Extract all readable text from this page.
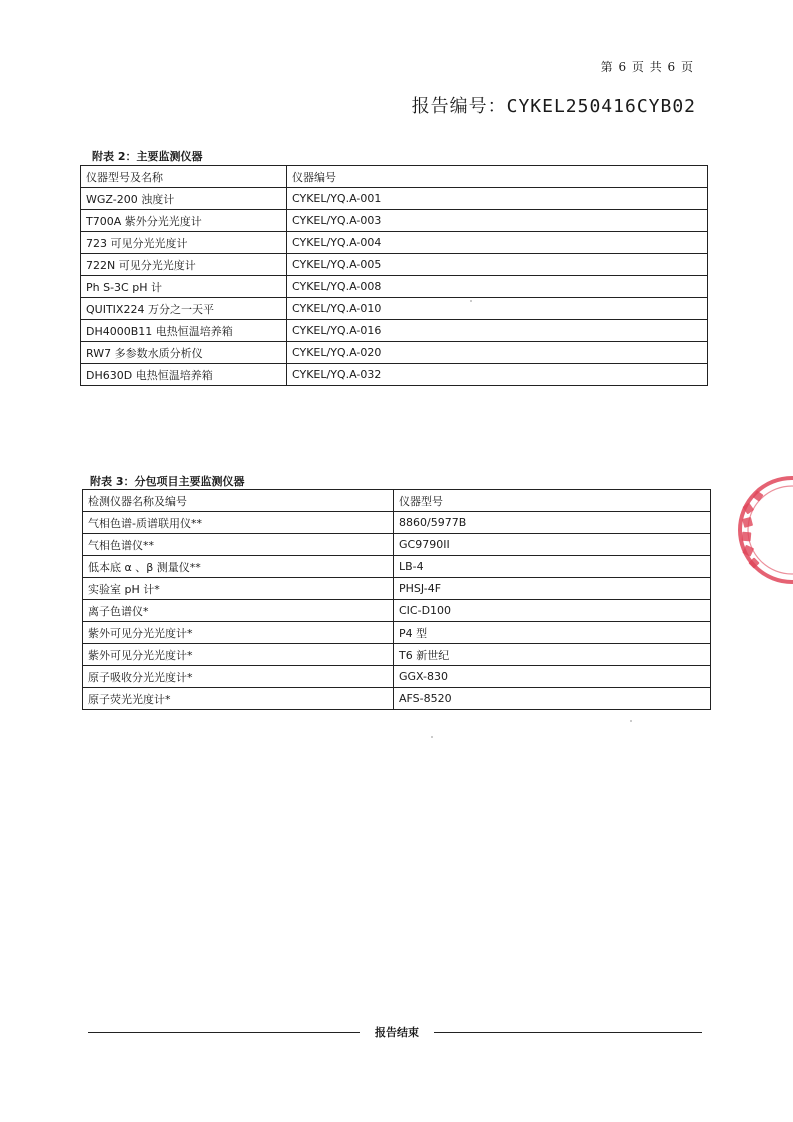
第 6 页 共 6 页
报告编号：CYKEL250416CYB02
附表 2：主要监测仪器
仪器型号及名称	仪器编号
WGZ-200 浊度计	CYKEL/YQ.A-001
T700A 紫外分光光度计	CYKEL/YQ.A-003
723 可见分光光度计	CYKEL/YQ.A-004
722N 可见分光光度计	CYKEL/YQ.A-005
Ph S-3C pH 计	CYKEL/YQ.A-008
QUITIX224 万分之一天平	CYKEL/YQ.A-010
DH4000B11 电热恒温培养箱	CYKEL/YQ.A-016
RW7 多参数水质分析仪	CYKEL/YQ.A-020
DH630D 电热恒温培养箱	CYKEL/YQ.A-032
附表 3：分包项目主要监测仪器
检测仪器名称及编号	仪器型号
气相色谱-质谱联用仪**	8860/5977B
气相色谱仪**	GC9790II
低本底 α 、β 测量仪**	LB-4
实验室 pH 计*	PHSJ-4F
离子色谱仪*	CIC-D100
紫外可见分光光度计*	P4 型
紫外可见分光光度计*	T6 新世纪
原子吸收分光光度计*	GGX-830
原子荧光光度计*	AFS-8520
报告结束
